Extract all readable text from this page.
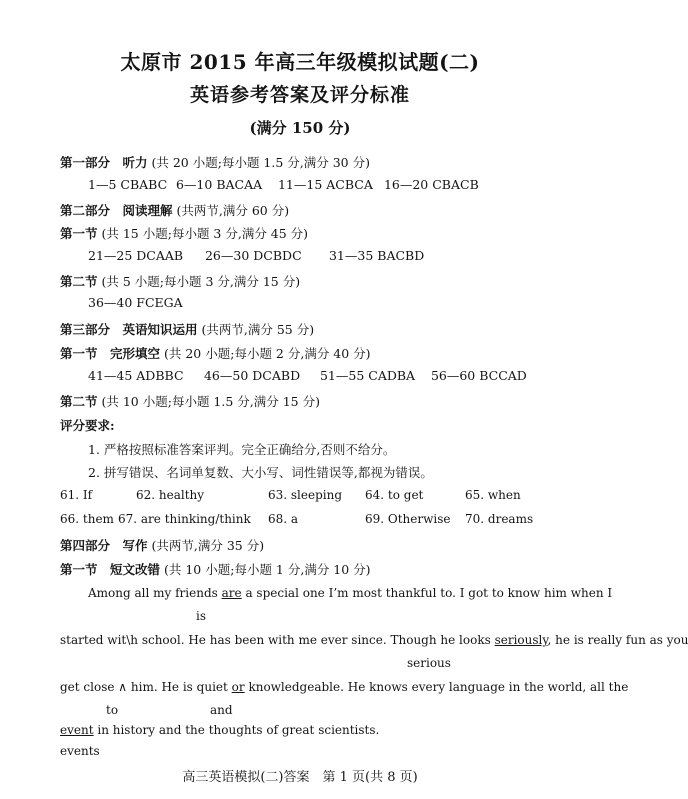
太原市 2015 年高三年级模拟试题(二)
英语参考答案及评分标准
(满分 150 分)
第一部分　听力 (共 20 小题;每小题 1.5 分,满分 30 分)
1—5 CBABC 6—10 BACAA 11—15 ACBCA 16—20 CBACB
第二部分　阅读理解 (共两节,满分 60 分)
第一节 (共 15 小题;每小题 3 分,满分 45 分)
21—25 DCAAB 26—30 DCBDC 31—35 BACBD
第二节 (共 5 小题;每小题 3 分,满分 15 分)
36—40 FCEGA
第三部分　英语知识运用 (共两节,满分 55 分)
第一节　完形填空 (共 20 小题;每小题 2 分,满分 40 分)
41—45 ADBBC 46—50 DCABD 51—55 CADBA 56—60 BCCAD
第二节 (共 10 小题;每小题 1.5 分,满分 15 分)
评分要求:
1. 严格按照标准答案评判。完全正确给分,否则不给分。
2. 拼写错误、名词单复数、大小写、词性错误等,都视为错误。
61. If	62. healthy	63. sleeping 64. to get	65. when
66. them 67. are thinking/think 68. a	69. Otherwise 70. dreams
第四部分　写作 (共两节,满分 35 分)
第一节　短文改错 (共 10 小题;每小题 1 分,满分 10 分)
Among all my friends are a special one I’m most thankful to. I got to know him when I
is
started wit\h school. He has been with me ever since. Though he looks seriously, he is really fun as you
serious
get close ∧ him. He is quiet or knowledgeable. He knows every language in the world, all the
to	and
event in history and the thoughts of great scientists.
高三英语模拟(二)答案　第 1 页(共 8 页)
events
